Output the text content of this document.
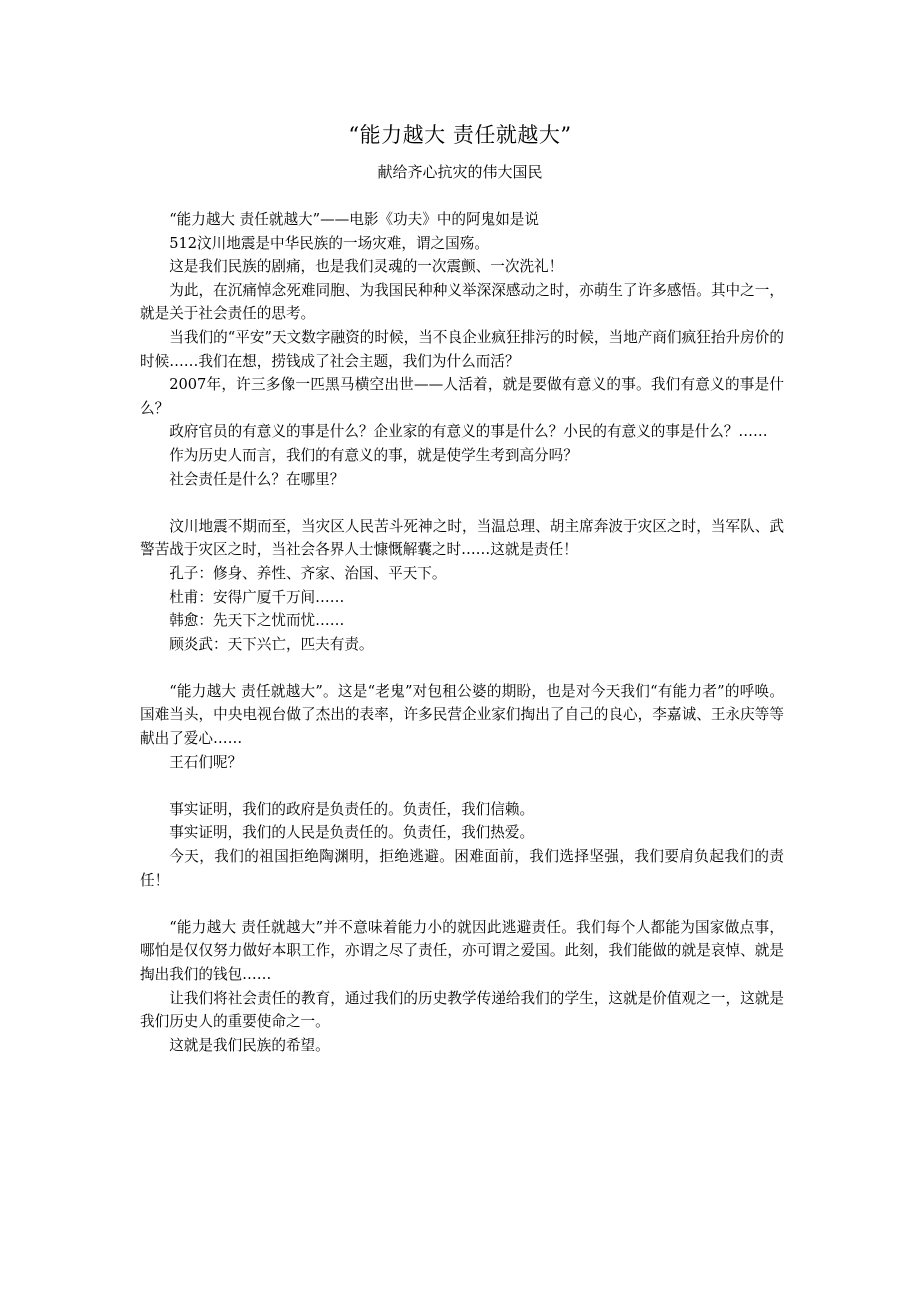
“能力越大 责任就越大”
献给齐心抗灾的伟大国民

“能力越大 责任就越大”——电影《功夫》中的阿鬼如是说

512汶川地震是中华民族的一场灾难，谓之国殇。

这是我们民族的剧痛，也是我们灵魂的一次震颤、一次洗礼！

为此，在沉痛悼念死难同胞、为我国民种种义举深深感动之时，亦萌生了许多感悟。其中之一，就是关于社会责任的思考。

当我们的“平安”天文数字融资的时候，当不良企业疯狂排污的时候，当地产商们疯狂抬升房价的时候……我们在想，捞钱成了社会主题，我们为什么而活？

2007年，许三多像一匹黑马横空出世——人活着，就是要做有意义的事。我们有意义的事是什么？

政府官员的有意义的事是什么？企业家的有意义的事是什么？小民的有意义的事是什么？……

作为历史人而言，我们的有意义的事，就是使学生考到高分吗？

社会责任是什么？在哪里？

汶川地震不期而至，当灾区人民苦斗死神之时，当温总理、胡主席奔波于灾区之时，当军队、武警苦战于灾区之时，当社会各界人士慷慨解囊之时……这就是责任！

孔子：修身、养性、齐家、治国、平天下。

杜甫：安得广厦千万间……

韩愈：先天下之忧而忧……

顾炎武：天下兴亡，匹夫有责。

“能力越大 责任就越大”。这是“老鬼”对包租公婆的期盼，也是对今天我们“有能力者”的呼唤。国难当头，中央电视台做了杰出的表率，许多民营企业家们掏出了自己的良心，李嘉诚、王永庆等等献出了爱心……

王石们呢？

事实证明，我们的政府是负责任的。负责任，我们信赖。

事实证明，我们的人民是负责任的。负责任，我们热爱。

今天，我们的祖国拒绝陶渊明，拒绝逃避。困难面前，我们选择坚强，我们要肩负起我们的责任！

“能力越大 责任就越大”并不意味着能力小的就因此逃避责任。我们每个人都能为国家做点事，哪怕是仅仅努力做好本职工作，亦谓之尽了责任，亦可谓之爱国。此刻，我们能做的就是哀悼、就是掏出我们的钱包……

让我们将社会责任的教育，通过我们的历史教学传递给我们的学生，这就是价值观之一，这就是我们历史人的重要使命之一。

这就是我们民族的希望。
